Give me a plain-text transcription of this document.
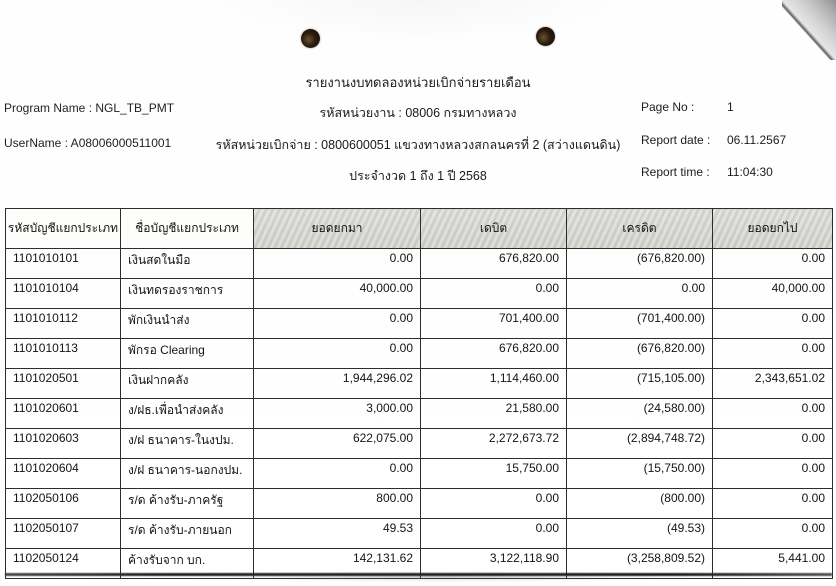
รายงานงบทดลองหน่วยเบิกจ่ายรายเดือน
รหัสหน่วยงาน : 08006 กรมทางหลวง
รหัสหน่วยเบิกจ่าย : 0800600051 แขวงทางหลวงสกลนครที่ 2 (สว่างแดนดิน)
ประจำงวด 1 ถึง 1 ปี 2568
Program Name : NGL_TB_PMT
UserName : A08006000511001
Page No :	1
Report date : 06.11.2567
Report time : 11:04:30
รหัสบัญชีแยกประเภท	ชื่อบัญชีแยกประเภท	ยอดยกมา	เดบิต	เครดิต	ยอดยกไป
1101010101	เงินสดในมือ	0.00	676,820.00	(676,820.00)	0.00
1101010104	เงินทดรองราชการ	40,000.00	0.00	0.00	40,000.00
1101010112	พักเงินนำส่ง	0.00	701,400.00	(701,400.00)	0.00
1101010113	พักรอ Clearing	0.00	676,820.00	(676,820.00)	0.00
1101020501	เงินฝากคลัง	1,944,296.02	1,114,460.00	(715,105.00)	2,343,651.02
1101020601	ง/ฝธ.เพื่อนำส่งคลัง	3,000.00	21,580.00	(24,580.00)	0.00
1101020603	ง/ฝ ธนาคาร-ในงปม.	622,075.00	2,272,673.72	(2,894,748.72)	0.00
1101020604	ง/ฝ ธนาคาร-นอกงปม.	0.00	15,750.00	(15,750.00)	0.00
1102050106	ร/ด ค้างรับ-ภาครัฐ	800.00	0.00	(800.00)	0.00
1102050107	ร/ด ค้างรับ-ภายนอก	49.53	0.00	(49.53)	0.00
1102050124	ค้างรับจาก บก.	142,131.62	3,122,118.90	(3,258,809.52)	5,441.00
